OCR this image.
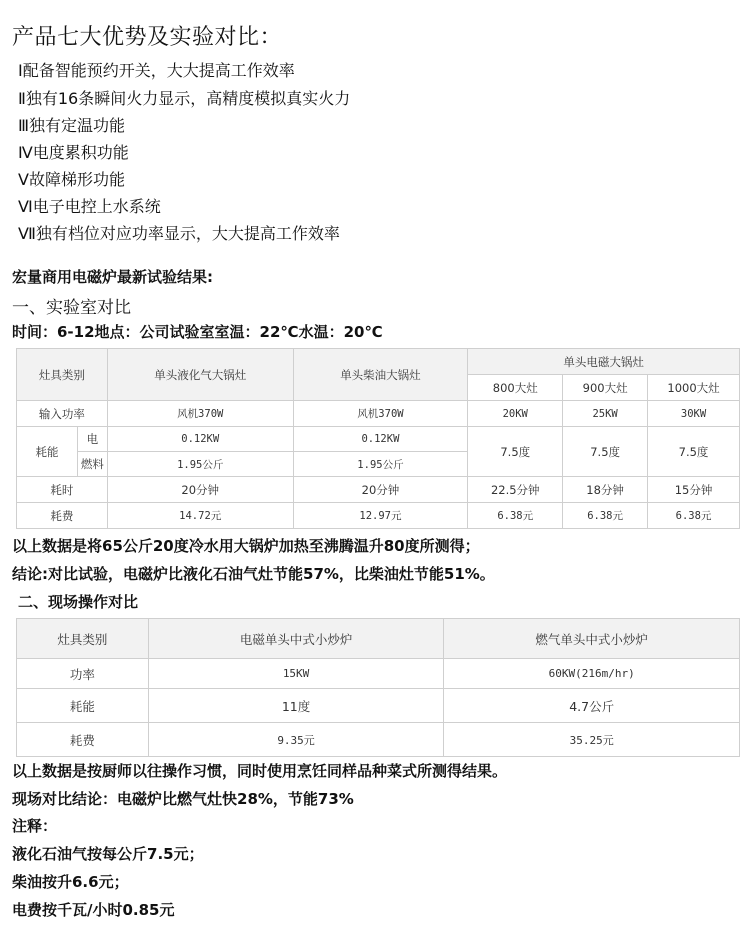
产品七大优势及实验对比：
Ⅰ配备智能预约开关，大大提高工作效率
Ⅱ独有16条瞬间火力显示，高精度模拟真实火力
Ⅲ独有定温功能
Ⅳ电度累积功能
Ⅴ故障梯形功能
Ⅵ电子电控上水系统
Ⅶ独有档位对应功率显示，大大提高工作效率
宏量商用电磁炉最新试验结果:
一、实验室对比
时间：6-12地点：公司试验室室温：22℃水温：20℃
灶具类别		单头液化气大锅灶	单头柴油大锅灶	单头电磁大锅灶		
				800大灶	900大灶	1000大灶
输入功率		风机370W	风机370W	20KW	25KW	30KW
耗能	电	0.12KW	0.12KW	7.5度	7.5度	7.5度
	燃料	1.95公斤	1.95公斤			
耗时		20分钟	20分钟	22.5分钟	18分钟	15分钟
耗费		14.72元	12.97元	6.38元	6.38元	6.38元
以上数据是将65公斤20度冷水用大锅炉加热至沸腾温升80度所测得；
结论:对比试验，电磁炉比液化石油气灶节能57%，比柴油灶节能51%。
二、现场操作对比
灶具类别	电磁单头中式小炒炉	燃气单头中式小炒炉
功率	15KW	60KW(216m/hr)
耗能	11度	4.7公斤
耗费	9.35元	35.25元
以上数据是按厨师以往操作习惯，同时使用烹饪同样品种菜式所测得结果。
现场对比结论：电磁炉比燃气灶快28%，节能73%
注释：
液化石油气按每公斤7.5元；
柴油按升6.6元；
电费按千瓦/小时0.85元
